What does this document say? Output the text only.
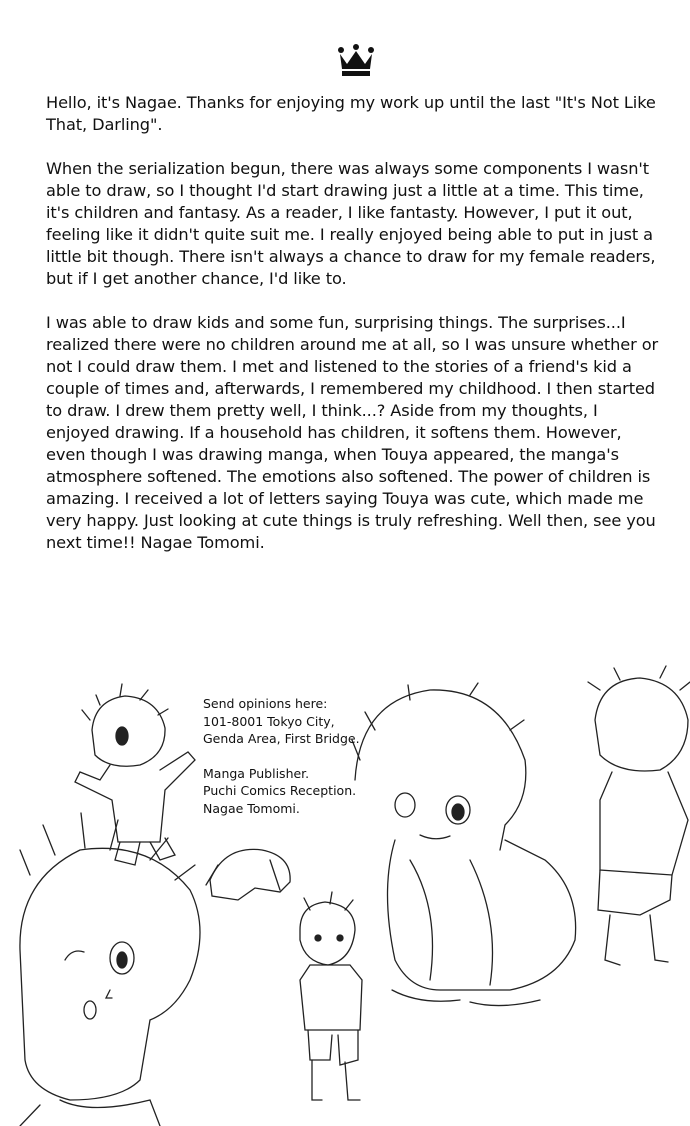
Hello, it's Nagae. Thanks for enjoying my work up until the last "It's Not Like That, Darling".

When the serialization begun, there was always some components I wasn't able to draw, so I thought I'd start drawing just a little at a time. This time, it's children and fantasy. As a reader, I like fantasty. However, I put it out, feeling like it didn't quite suit me. I really enjoyed being able to put in just a little bit though. There isn't always a chance to draw for my female readers, but if I get another chance, I'd like to.

I was able to draw kids and some fun, surprising things. The surprises...I realized there were no children around me at all, so I was unsure whether or not I could draw them. I met and listened to the stories of a friend's kid a couple of times and, afterwards, I remembered my childhood. I then started to draw. I drew them pretty well, I think...? Aside from my thoughts, I enjoyed drawing. If a household has children, it softens them. However, even though I was drawing manga, when Touya appeared, the manga's atmosphere softened. The emotions also softened. The power of children is amazing. I received a lot of letters saying Touya was cute, which made me very happy. Just looking at cute things is truly refreshing. Well then, see you next time!! Nagae Tomomi.

Send opinions here:
101-8001 Tokyo City,
Genda Area, First Bridge.
Manga Publisher.
Puchi Comics Reception.
Nagae Tomomi.
